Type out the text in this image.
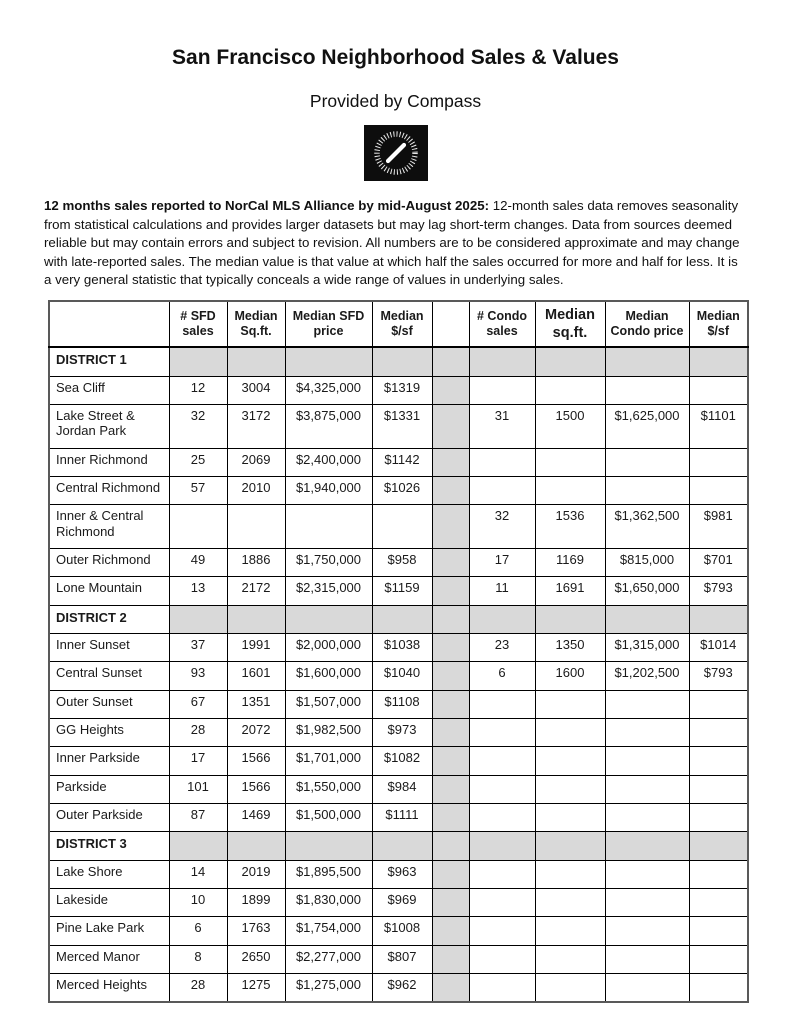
San Francisco Neighborhood Sales & Values
Provided by Compass

12 months sales reported to NorCal MLS Alliance by mid-August 2025: 12-month sales data removes seasonality from statistical calculations and provides larger datasets but may lag short-term changes. Data from sources deemed reliable but may contain errors and subject to revision. All numbers are to be considered approximate and may change with late-reported sales. The median value is that value at which half the sales occurred for more and half for less. It is a very general statistic that typically conceals a wide range of values in underlying sales.

	# SFD sales	Median Sq.ft.	Median SFD price	Median $/sf		# Condo sales	Median sq.ft.	Median Condo price	Median $/sf
DISTRICT 1									
Sea Cliff	12	3004	$4,325,000	$1319					
Lake Street & Jordan Park	32	3172	$3,875,000	$1331		31	1500	$1,625,000	$1101
Inner Richmond	25	2069	$2,400,000	$1142					
Central Richmond	57	2010	$1,940,000	$1026					
Inner & Central Richmond						32	1536	$1,362,500	$981
Outer Richmond	49	1886	$1,750,000	$958		17	1169	$815,000	$701
Lone Mountain	13	2172	$2,315,000	$1159		11	1691	$1,650,000	$793
DISTRICT 2									
Inner Sunset	37	1991	$2,000,000	$1038		23	1350	$1,315,000	$1014
Central Sunset	93	1601	$1,600,000	$1040		6	1600	$1,202,500	$793
Outer Sunset	67	1351	$1,507,000	$1108					
GG Heights	28	2072	$1,982,500	$973					
Inner Parkside	17	1566	$1,701,000	$1082					
Parkside	101	1566	$1,550,000	$984					
Outer Parkside	87	1469	$1,500,000	$1111					
DISTRICT 3									
Lake Shore	14	2019	$1,895,500	$963					
Lakeside	10	1899	$1,830,000	$969					
Pine Lake Park	6	1763	$1,754,000	$1008					
Merced Manor	8	2650	$2,277,000	$807					
Merced Heights	28	1275	$1,275,000	$962					
